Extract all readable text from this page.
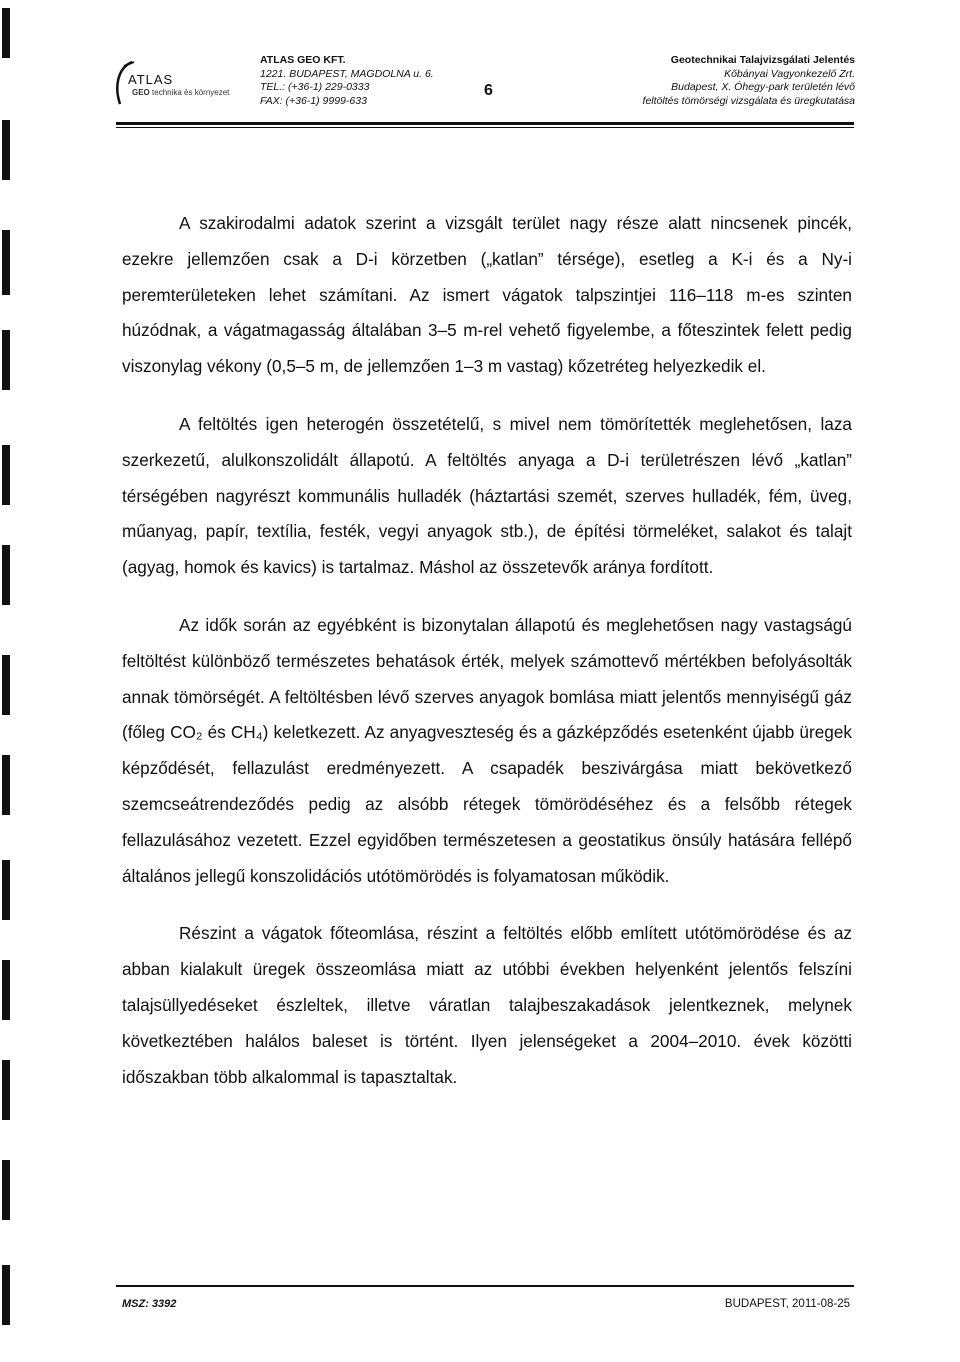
ATLAS
GEO technika és környezet
ATLAS GEO KFT.
1221. BUDAPEST, MAGDOLNA u. 6.
TEL.: (+36-1) 229-0333
FAX: (+36-1) 9999-633
6
Geotechnikai Talajvizsgálati Jelentés
Kőbányai Vagyonkezelő Zrt.
Budapest, X. Óhegy-park területén lévő
feltöltés tömörségi vizsgálata és üregkutatása

A szakirodalmi adatok szerint a vizsgált terület nagy része alatt nincsenek pincék, ezekre jellemzően csak a D-i körzetben („katlan” térsége), esetleg a K-i és a Ny-i peremterületeken lehet számítani. Az ismert vágatok talpszintjei 116–118 m-es szinten húzódnak, a vágatmagasság általában 3–5 m-rel vehető figyelembe, a főteszintek felett pedig viszonylag vékony (0,5–5 m, de jellemzően 1–3 m vastag) kőzetréteg helyezkedik el.

A feltöltés igen heterogén összetételű, s mivel nem tömörítették meglehetősen, laza szerkezetű, alulkonszolidált állapotú. A feltöltés anyaga a D-i területrészen lévő „katlan” térségében nagyrészt kommunális hulladék (háztartási szemét, szerves hulladék, fém, üveg, műanyag, papír, textília, festék, vegyi anyagok stb.), de építési törmeléket, salakot és talajt (agyag, homok és kavics) is tartalmaz. Máshol az összetevők aránya fordított.

Az idők során az egyébként is bizonytalan állapotú és meglehetősen nagy vastagságú feltöltést különböző természetes behatások érték, melyek számottevő mértékben befolyásolták annak tömörségét. A feltöltésben lévő szerves anyagok bomlása miatt jelentős mennyiségű gáz (főleg CO₂ és CH₄) keletkezett. Az anyagveszteség és a gázképződés esetenként újabb üregek képződését, fellazulást eredményezett. A csapadék beszivárgása miatt bekövetkező szemcseátrendeződés pedig az alsóbb rétegek tömörödéséhez és a felsőbb rétegek fellazulásához vezetett. Ezzel egyidőben természetesen a geostatikus önsúly hatására fellépő általános jellegű konszolidációs utótömörödés is folyamatosan működik.

Részint a vágatok főteomlása, részint a feltöltés előbb említett utótömörödése és az abban kialakult üregek összeomlása miatt az utóbbi években helyenként jelentős felszíni talajsüllyedéseket észleltek, illetve váratlan talajbeszakadások jelentkeznek, melynek következtében halálos baleset is történt. Ilyen jelenségeket a 2004–2010. évek közötti időszakban több alkalommal is tapasztaltak.

MSZ: 3392	BUDAPEST, 2011-08-25
